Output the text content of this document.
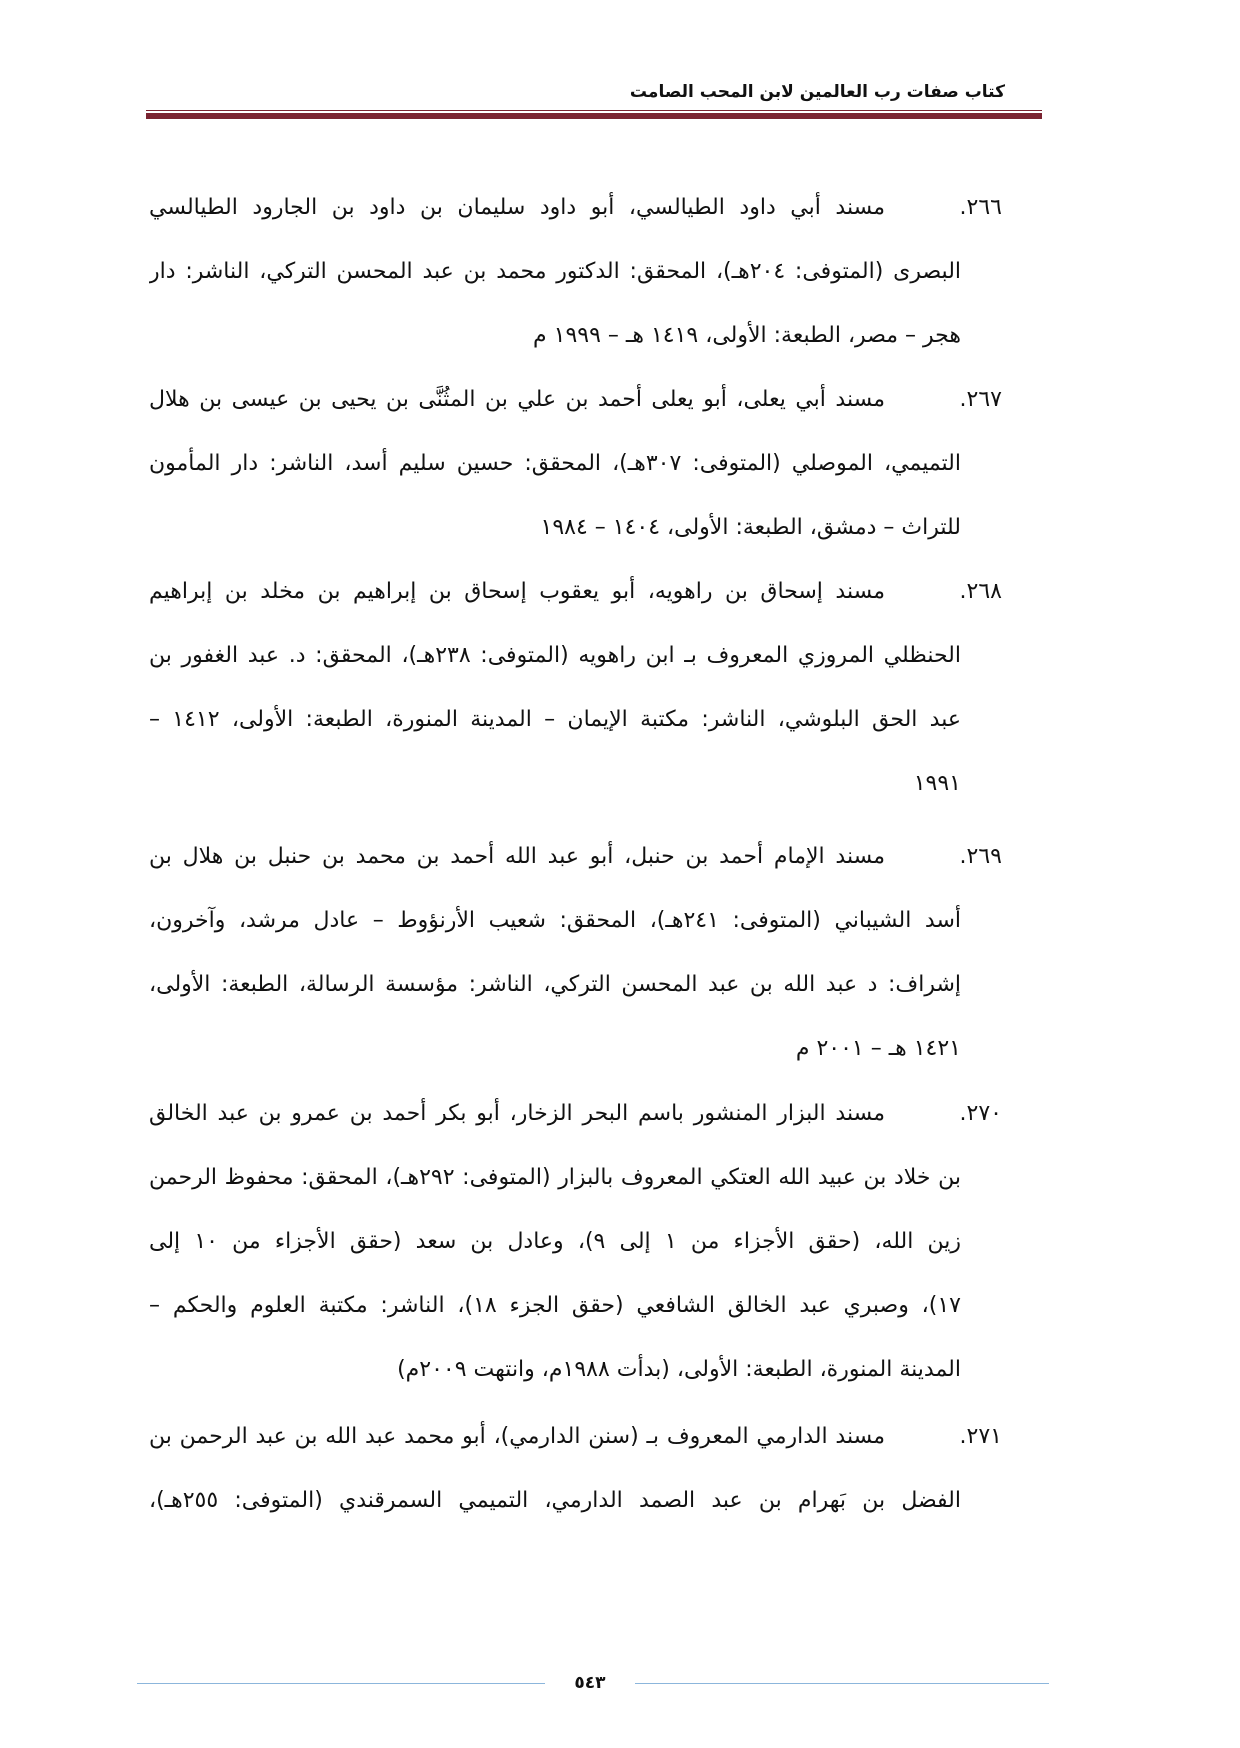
كتاب صفات رب العالمين لابن المحب الصامت
٢٦٦.
مسند أبي داود الطيالسي، أبو داود سليمان بن داود بن الجارود الطيالسي
البصرى (المتوفى: ٢٠٤هـ)، المحقق: الدكتور محمد بن عبد المحسن التركي، الناشر: دار
هجر – مصر، الطبعة: الأولى، ١٤١٩ هـ – ١٩٩٩ م
٢٦٧.
مسند أبي يعلى، أبو يعلى أحمد بن علي بن المثُنَّى بن يحيى بن عيسى بن هلال
التميمي، الموصلي (المتوفى: ٣٠٧هـ)، المحقق: حسين سليم أسد، الناشر: دار المأمون
للتراث – دمشق، الطبعة: الأولى، ١٤٠٤ – ١٩٨٤
٢٦٨.
مسند إسحاق بن راهويه، أبو يعقوب إسحاق بن إبراهيم بن مخلد بن إبراهيم
الحنظلي المروزي المعروف بـ ابن راهويه (المتوفى: ٢٣٨هـ)، المحقق: د. عبد الغفور بن
عبد الحق البلوشي، الناشر: مكتبة الإيمان – المدينة المنورة، الطبعة: الأولى، ١٤١٢ –
١٩٩١
٢٦٩.
مسند الإمام أحمد بن حنبل، أبو عبد الله أحمد بن محمد بن حنبل بن هلال بن
أسد الشيباني (المتوفى: ٢٤١هـ)، المحقق: شعيب الأرنؤوط – عادل مرشد، وآخرون،
إشراف: د عبد الله بن عبد المحسن التركي، الناشر: مؤسسة الرسالة، الطبعة: الأولى،
١٤٢١ هـ – ٢٠٠١ م
٢٧٠.
مسند البزار المنشور باسم البحر الزخار، أبو بكر أحمد بن عمرو بن عبد الخالق
بن خلاد بن عبيد الله العتكي المعروف بالبزار (المتوفى: ٢٩٢هـ)، المحقق: محفوظ الرحمن
زين الله، (حقق الأجزاء من ١ إلى ٩)، وعادل بن سعد (حقق الأجزاء من ١٠ إلى
١٧)، وصبري عبد الخالق الشافعي (حقق الجزء ١٨)، الناشر: مكتبة العلوم والحكم –
المدينة المنورة، الطبعة: الأولى، (بدأت ١٩٨٨م، وانتهت ٢٠٠٩م)
٢٧١.
مسند الدارمي المعروف بـ (سنن الدارمي)، أبو محمد عبد الله بن عبد الرحمن بن
الفضل بن بَهرام بن عبد الصمد الدارمي، التميمي السمرقندي (المتوفى: ٢٥٥هـ)،
٥٤٣
